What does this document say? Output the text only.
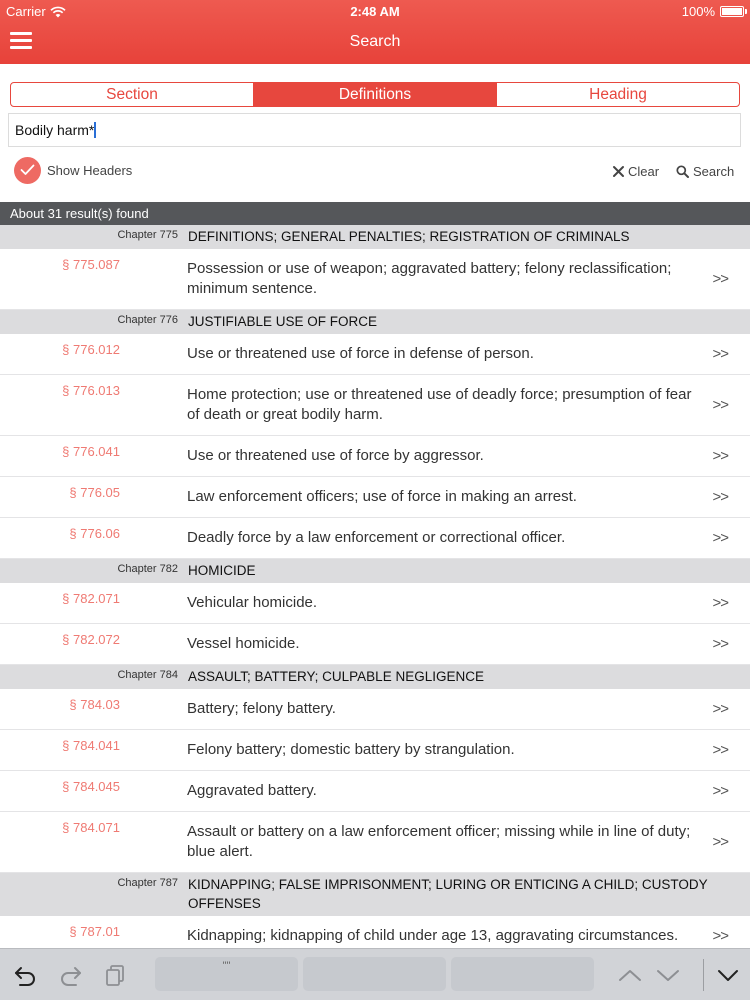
Carrier	2:48 AM	100%
Search
Section	Definitions	Heading
Bodily harm*
Show Headers	Clear	Search
About 31 result(s) found
Chapter 775 DEFINITIONS; GENERAL PENALTIES; REGISTRATION OF CRIMINALS
§ 775.087	Possession or use of weapon; aggravated battery; felony reclassification; minimum sentence.
>>
Chapter 776 JUSTIFIABLE USE OF FORCE
§ 776.012	Use or threatened use of force in defense of person.	>>
§ 776.013	Home protection; use or threatened use of deadly force; presumption of fear of death or great bodily harm.
>>
§ 776.041	Use or threatened use of force by aggressor.	>>
§ 776.05	Law enforcement officers; use of force in making an arrest.	>>
§ 776.06	Deadly force by a law enforcement or correctional officer.	>>
Chapter 782 HOMICIDE
§ 782.071	Vehicular homicide.	>>
§ 782.072	Vessel homicide.	>>
Chapter 784 ASSAULT; BATTERY; CULPABLE NEGLIGENCE
§ 784.03	Battery; felony battery.	>>
§ 784.041	Felony battery; domestic battery by strangulation.	>>
§ 784.045	Aggravated battery.	>>
§ 784.071	Assault or battery on a law enforcement officer; missing while in line of duty; blue alert.
>>
Chapter 787 KIDNAPPING; FALSE IMPRISONMENT; LURING OR ENTICING A CHILD; CUSTODY OFFENSES
§ 787.01	Kidnapping; kidnapping of child under age 13, aggravating circumstances.	>>
""
